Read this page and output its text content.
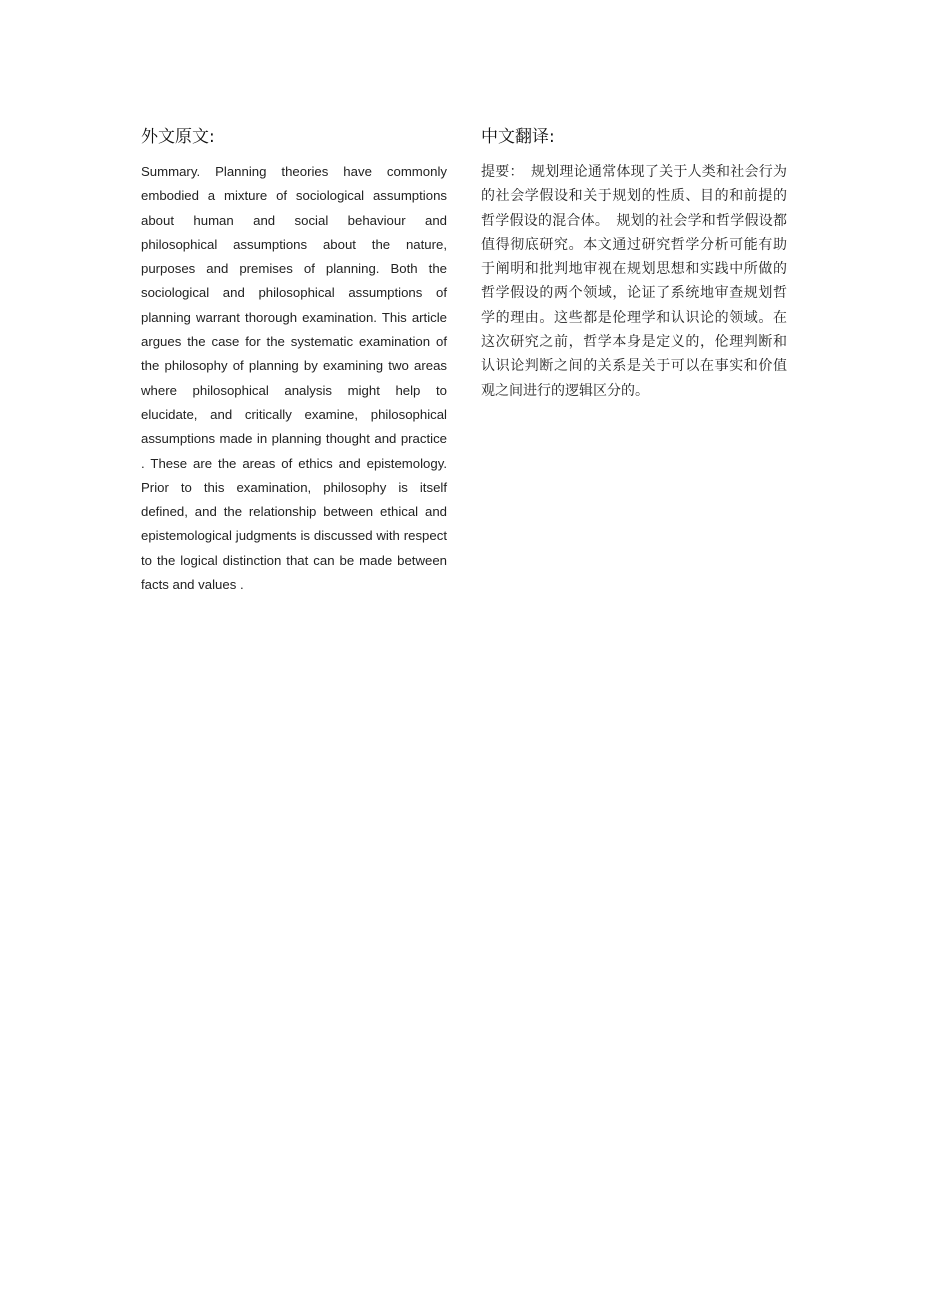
外文原文:

Summary. Planning theories have commonly embodied a mixture of sociological assumptions about human and social behaviour and philosophical assumptions about the nature, purposes and premises of planning. Both the sociological and philosophical assumptions of planning warrant thorough examination. This article argues the case for the systematic examination of the philosophy of planning by examining two areas where philosophical analysis might help to elucidate, and critically examine, philosophical assumptions made in planning thought and practice . These are the areas of ethics and epistemology. Prior to this examination, philosophy is itself defined, and the relationship between ethical and epistemological judgments is discussed with respect to the logical distinction that can be made between facts and values .

中文翻译:

提要：　规划理论通常体现了关于人类和社会行为的社会学假设和关于规划的性质、目的和前提的哲学假设的混合体。　规划的社会学和哲学假设都值得彻底研究。本文通过研究哲学分析可能有助于阐明和批判地审视在规划思想和实践中所做的哲学假设的两个领域，论证了系统地审查规划哲学的理由。这些都是伦理学和认识论的领域。在这次研究之前，哲学本身是定义的，伦理判断和认识论判断之间的关系是关于可以在事实和价值观之间进行的逻辑区分的。
